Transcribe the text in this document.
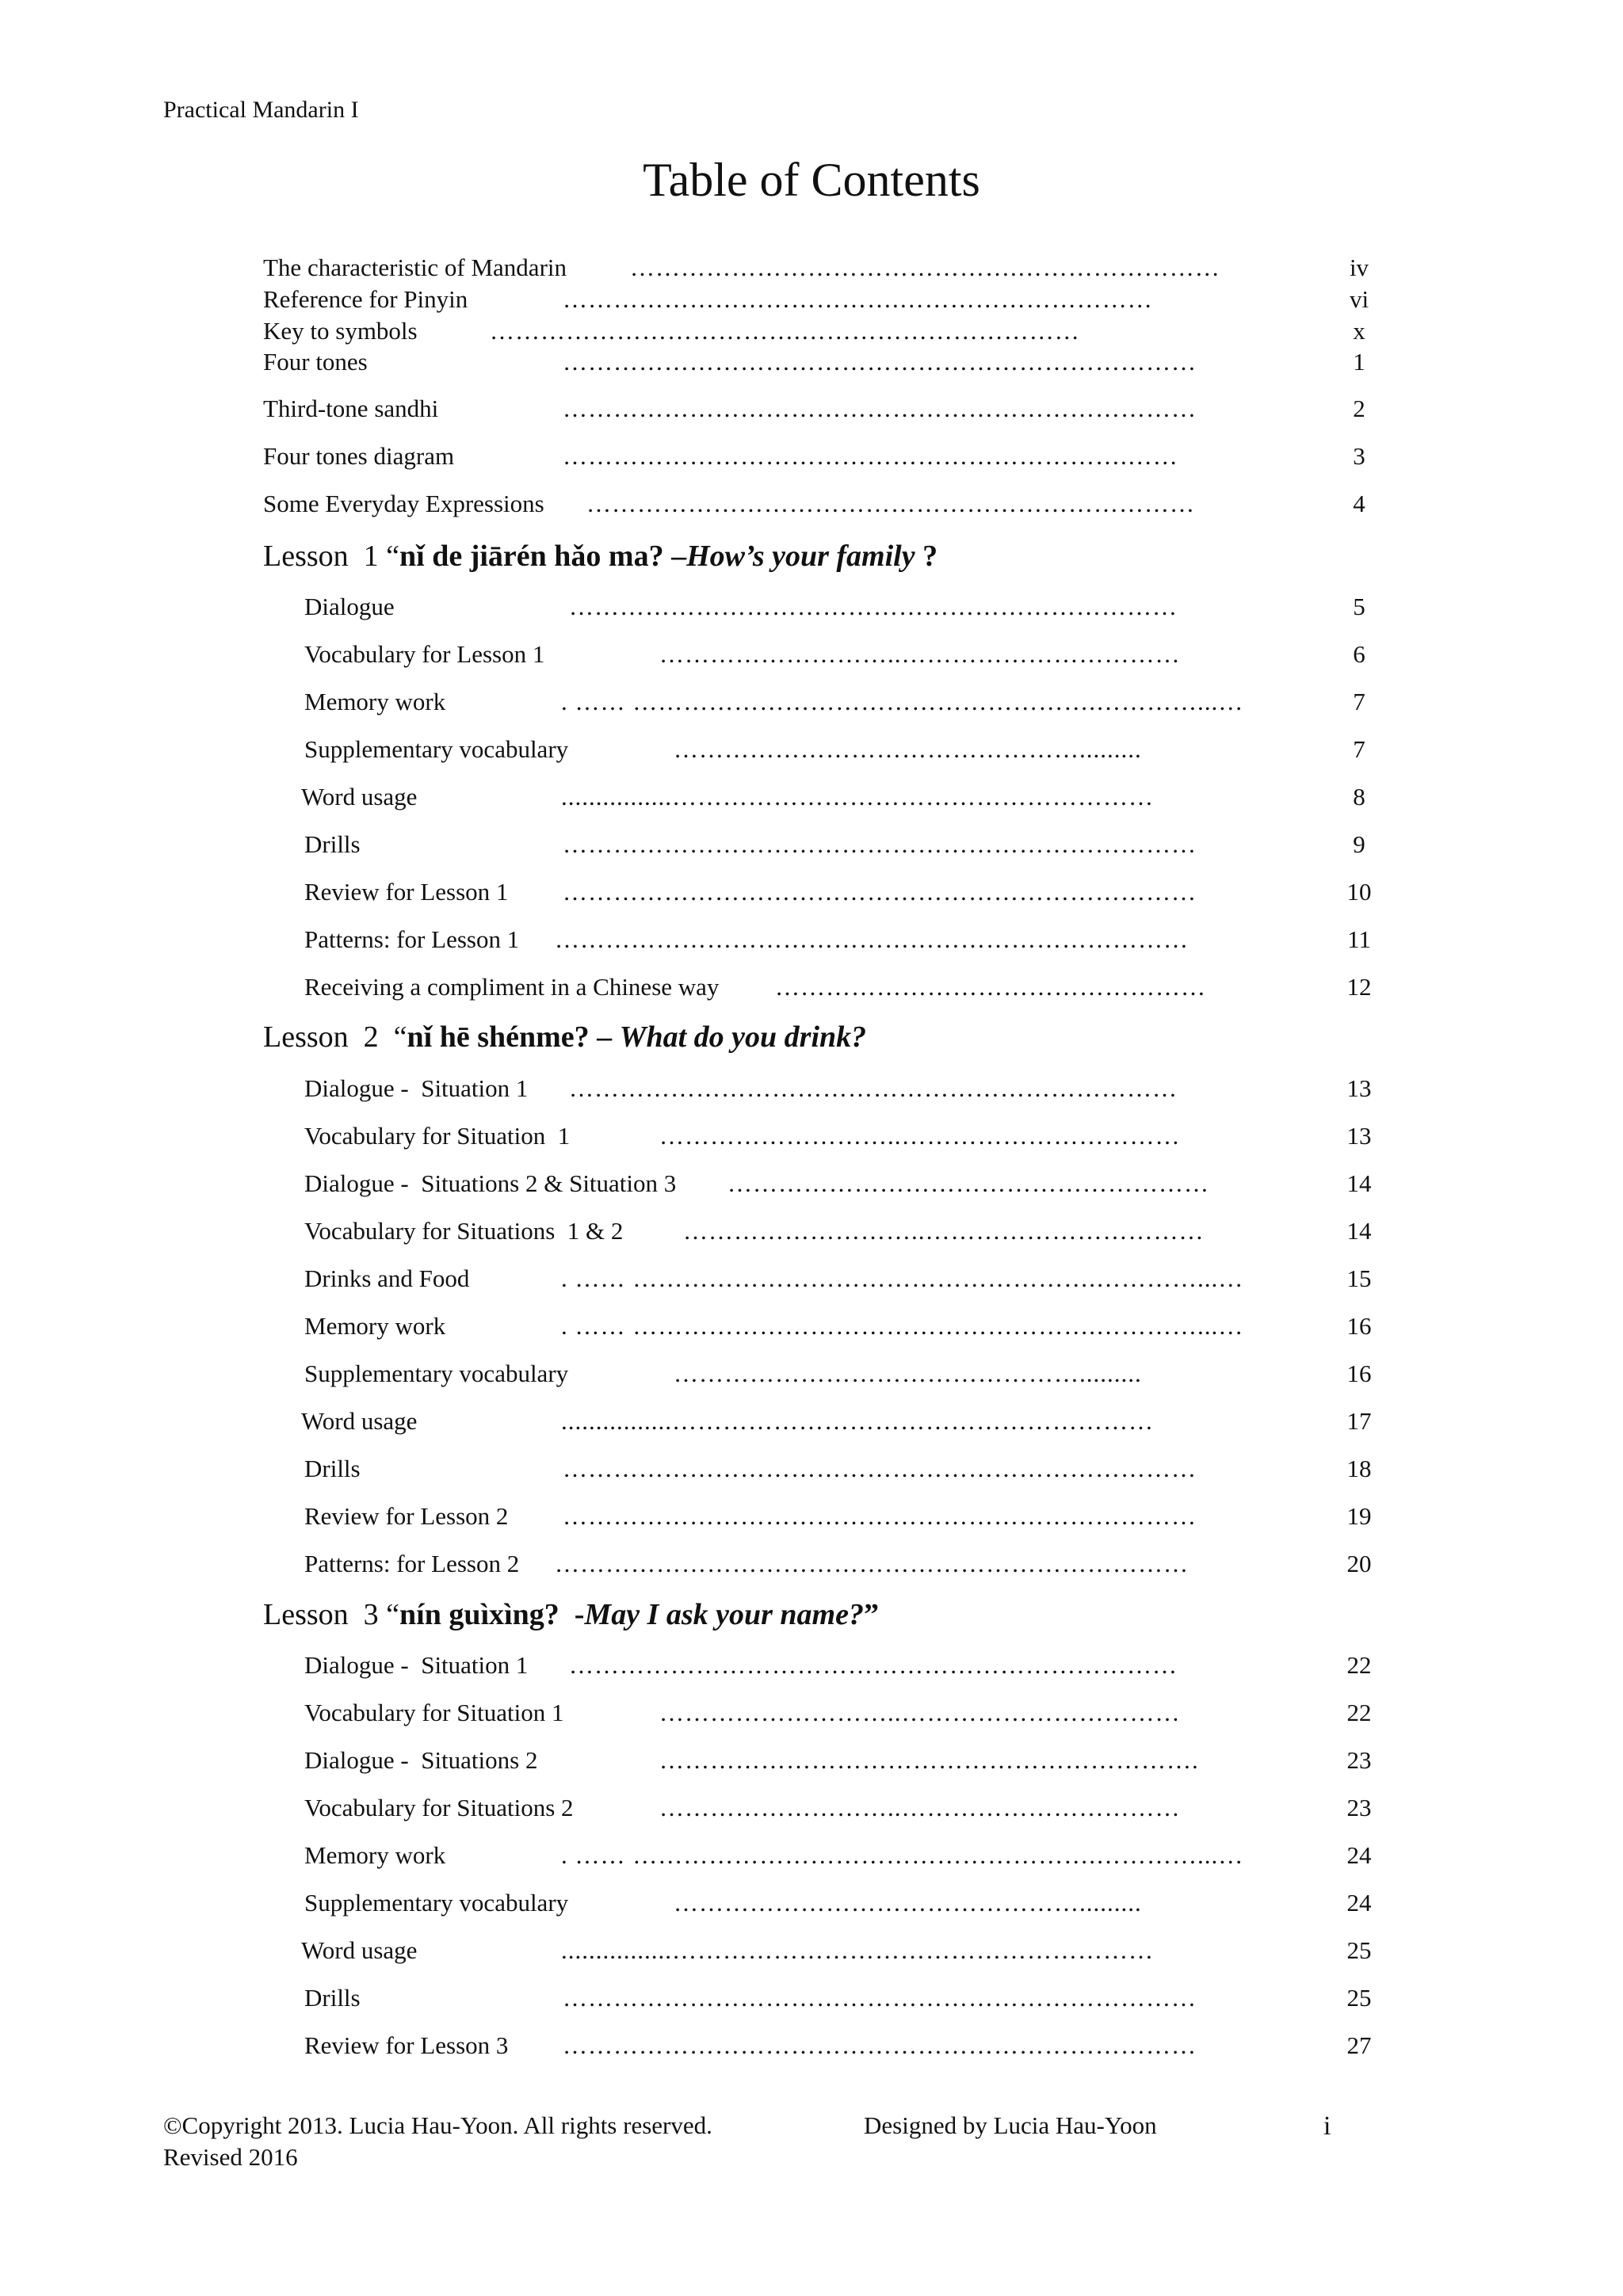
Practical Mandarin I
Table of Contents
The characteristic of Mandarin	……………………………………….……………………	iv
Reference for Pinyin	………………………………….…………………………	vi
Key to symbols	……………………………….……………………………	x
Four tones	…………………………………………………………………	1
Third-tone sandhi	…………………………………………………………………	2
Four tones diagram	………………………………………………………….……	3
Some Everyday Expressions ………………………………………………………………	4
Lesson  1 “nǐ de jiārén hǎo ma? –How’s your family ?
Dialogue	………………………………………………………………	5
Vocabulary for Lesson 1	………………………..……………………………	6
Memory work	. …… ……………………………………………….…………...…	7
Supplementary vocabulary	………………………………………….........	7
Word usage	................…………………………………………………	8
Drills	…………………………………………………………………	9
Review for Lesson 1 …………………………………………………………………	10
Patterns: for Lesson 1 …………………………………………………………………	11
Receiving a compliment in a Chinese way ……………………………………………	12
Lesson  2  “nǐ hē shénme? – What do you drink?
Dialogue -  Situation 1 ………………………………………………………………	13
Vocabulary for Situation  1	………………………..……………………………	13
Dialogue -  Situations 2 & Situation 3 …………………………………………………	14
Vocabulary for Situations  1 & 2 ………………………..……………………………	14
Drinks and Food	. …… ……………………………………………….…………...…	15
Memory work	. …… ……………………………………………….…………...…	16
Supplementary vocabulary	………………………………………….........	16
Word usage	................…………………………………………………	17
Drills	…………………………………………………………………	18
Review for Lesson 2 …………………………………………………………………	19
Patterns: for Lesson 2 …………………………………………………………………	20
Lesson  3 “nín guìxìng?  -May I ask your name?”
Dialogue -  Situation 1 ………………………………………………………………	22
Vocabulary for Situation 1	………………………..……………………………	22
Dialogue -  Situations 2	……………………………………………………….	23
Vocabulary for Situations 2	………………………..……………………………	23
Memory work	. …… ……………………………………………….…………...…	24
Supplementary vocabulary	………………………………………….........	24
Word usage	................…………………………………………………	25
Drills	…………………………………………………………………	25
Review for Lesson 3 …………………………………………………………………	27
©Copyright 2013. Lucia Hau-Yoon. All rights reserved.
Revised 2016
Designed by Lucia Hau-Yoon	i
